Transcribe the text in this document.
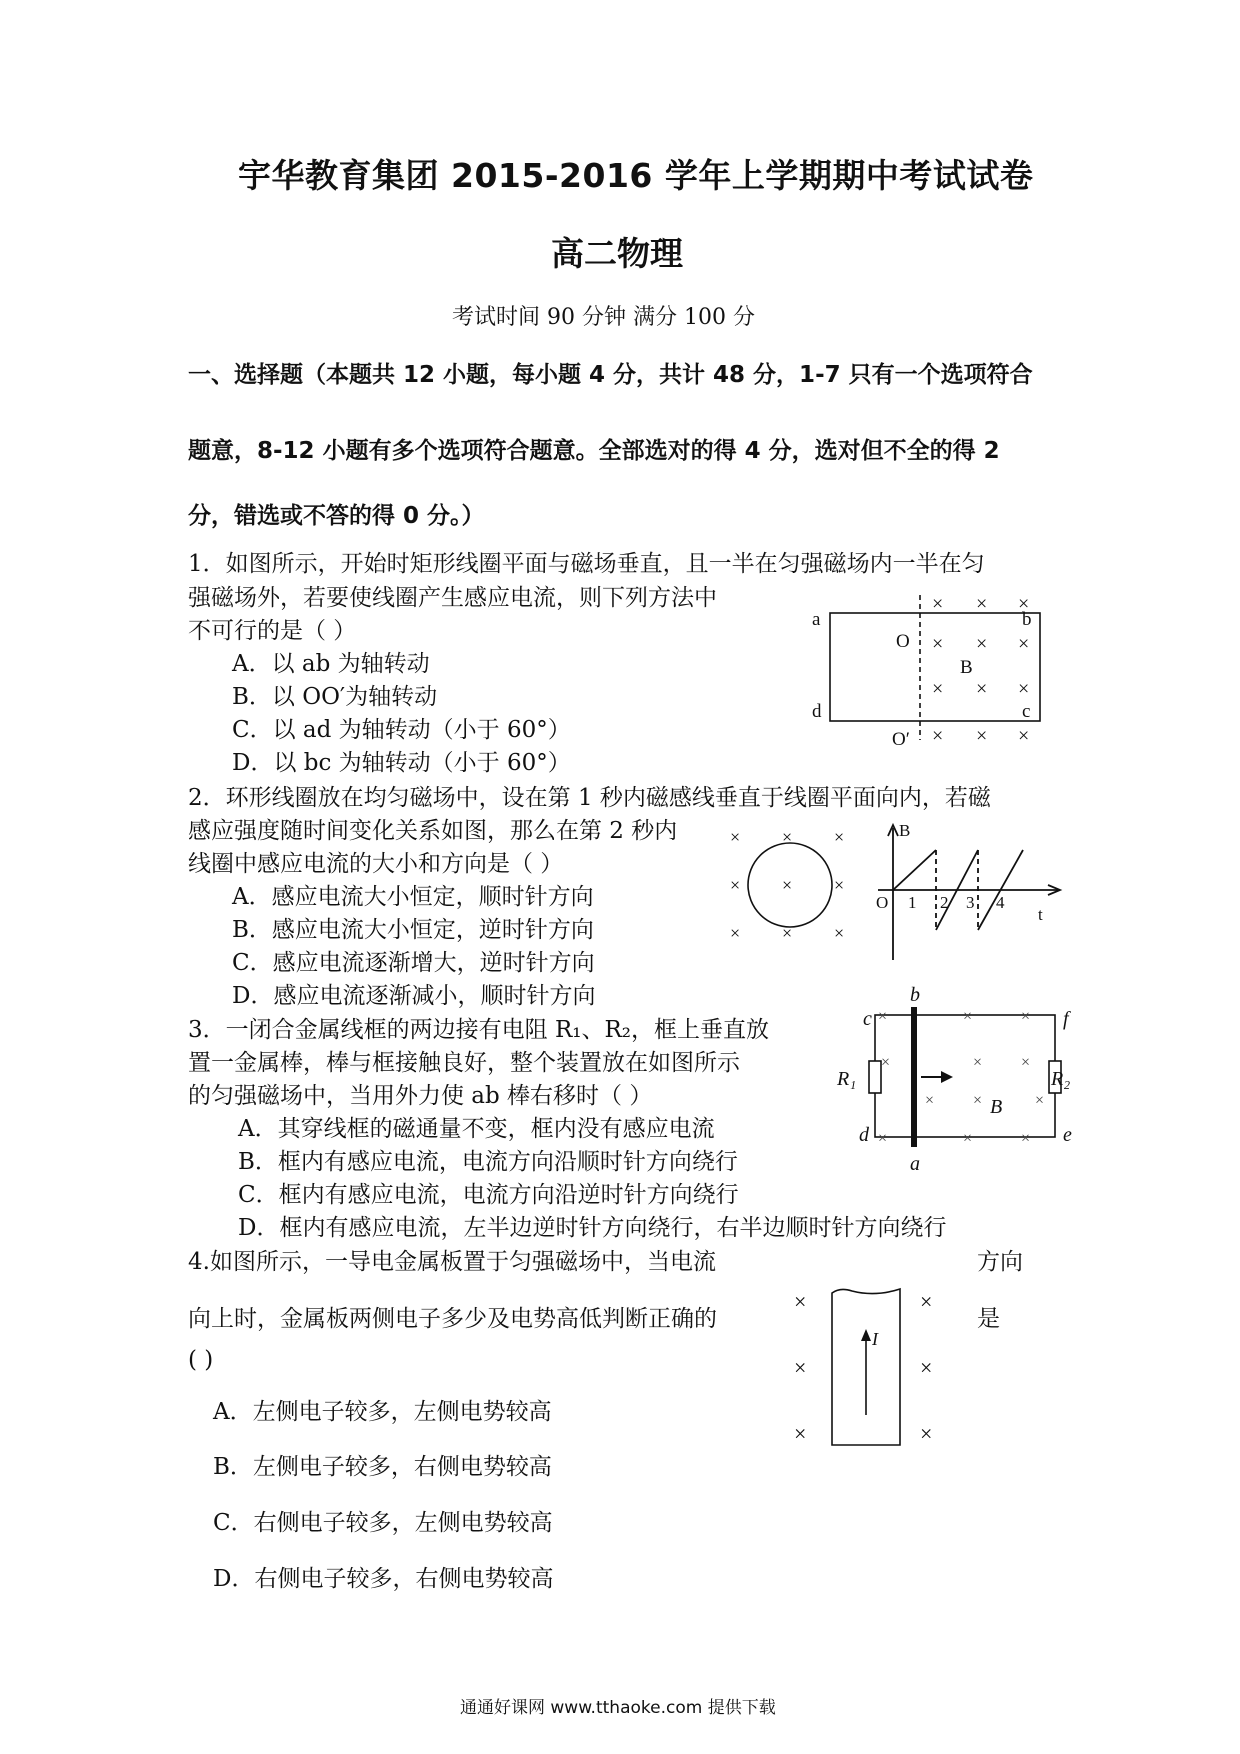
宇华教育集团 2015-2016 学年上学期期中考试试卷
高二物理
考试时间 90 分钟 满分 100 分
一、选择题（本题共 12 小题，每小题 4 分，共计 48 分，1-7 只有一个选项符合
题意，8-12 小题有多个选项符合题意。全部选对的得 4 分，选对但不全的得 2
分，错选或不答的得 0 分。）
1．如图所示，开始时矩形线圈平面与磁场垂直，且一半在匀强磁场内一半在匀
强磁场外，若要使线圈产生感应电流，则下列方法中
不可行的是（ ）
A．以 ab 为轴转动
B．以 OO′为轴转动
C．以 ad 为轴转动（小于 60°）
D．以 bc 为轴转动（小于 60°）
× × ×
× × ×
× × ×
× × ×
a	b
c
d
O
O′
B
2．环形线圈放在均匀磁场中，设在第 1 秒内磁感线垂直于线圈平面向内，若磁
感应强度随时间变化关系如图，那么在第 2 秒内
线圈中感应电流的大小和方向是（ ）
A．感应电流大小恒定，顺时针方向
B．感应电流大小恒定，逆时针方向
C．感应电流逐渐增大，逆时针方向
D．感应电流逐渐减小，顺时针方向
× × ×
× × ×
× × ×
B
O 1 2 3 4
t
3．一闭合金属线框的两边接有电阻 R₁、R₂，框上垂直放
置一金属棒，棒与框接触良好，整个装置放在如图所示
的匀强磁场中，当用外力使 ab 棒右移时（ ）
A．其穿线框的磁通量不变，框内没有感应电流
B．框内有感应电流，电流方向沿顺时针方向绕行
C．框内有感应电流，电流方向沿逆时针方向绕行
D．框内有感应电流，左半边逆时针方向绕行，右半边顺时针方向绕行
×	×	×
×	× ×
× ×	×
×	×	×
b
a
c
d	e
f
R₁	R₂
B
4.如图所示，一导电金属板置于匀强磁场中，当电流	方向
向上时，金属板两侧电子多少及电势高低判断正确的	是
( )
A．左侧电子较多，左侧电势较高
B．左侧电子较多，右侧电势较高
C．右侧电子较多，左侧电势较高
D．右侧电子较多，右侧电势较高
I
×	×
×	×
×	×
通通好课网 www.tthaoke.com 提供下载
